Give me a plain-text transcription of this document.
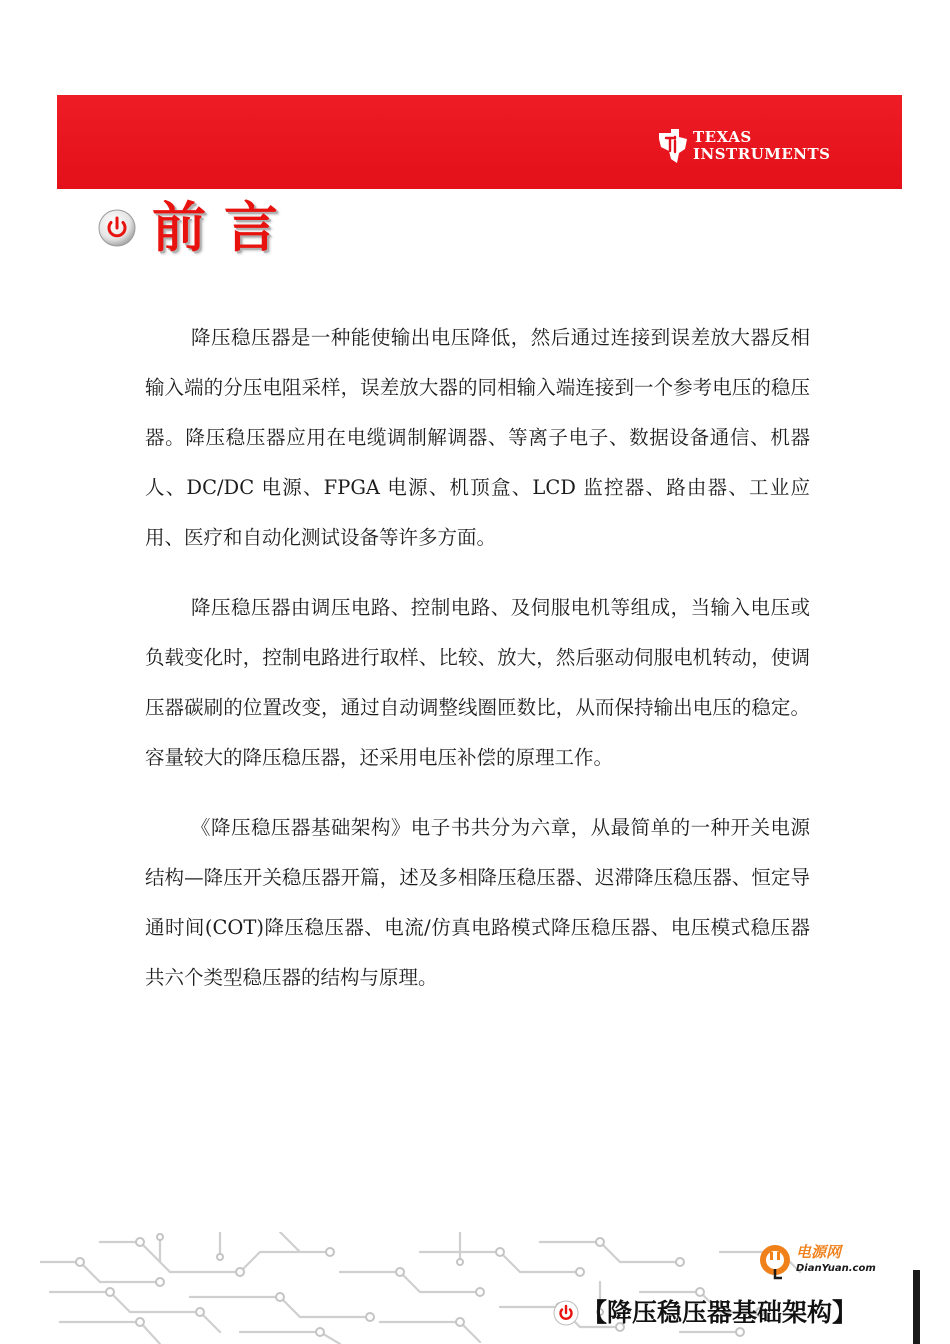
TEXAS
INSTRUMENTS
前言

降压稳压器是一种能使输出电压降低，然后通过连接到误差放大器反相输入端的分压电阻采样，误差放大器的同相输入端连接到一个参考电压的稳压器。降压稳压器应用在电缆调制解调器、等离子电子、数据设备通信、机器人、DC/DC 电源、FPGA 电源、机顶盒、LCD 监控器、路由器、工业应用、医疗和自动化测试设备等许多方面。

降压稳压器由调压电路、控制电路、及伺服电机等组成，当输入电压或负载变化时，控制电路进行取样、比较、放大，然后驱动伺服电机转动，使调压器碳刷的位置改变，通过自动调整线圈匝数比，从而保持输出电压的稳定。容量较大的降压稳压器，还采用电压补偿的原理工作。

《降压稳压器基础架构》电子书共分为六章，从最简单的一种开关电源结构—降压开关稳压器开篇，述及多相降压稳压器、迟滞降压稳压器、恒定导通时间(COT)降压稳压器、电流/仿真电路模式降压稳压器、电压模式稳压器共六个类型稳压器的结构与原理。

电源网
DianYuan.com
【降压稳压器基础架构】
